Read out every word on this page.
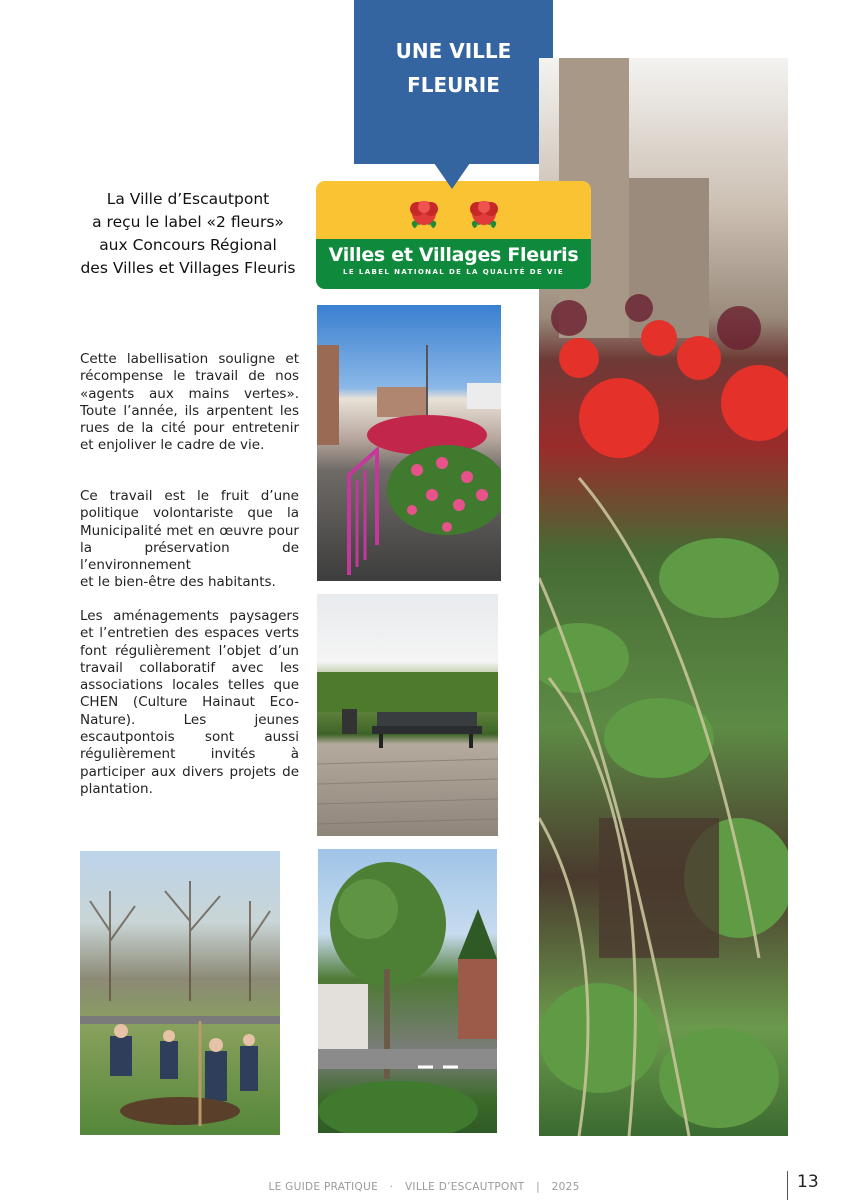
UNE VILLE
FLEURIE
La Ville d’Escautpont
a reçu le label «2 fleurs»
aux Concours Régional
des Villes et Villages Fleuris
Villes et Villages Fleuris
LE LABEL NATIONAL DE LA QUALITÉ DE VIE
Cette labellisation souligne et récompense le travail de nos «agents aux mains vertes». Toute l’année, ils arpentent les rues de la cité pour entretenir et enjoliver le cadre de vie.
Ce travail est le fruit d’une politique volontariste que la Municipalité met en œuvre pour la préservation de l’environnement
et le bien-être des habitants.
Les aménagements paysagers et l’entretien des espaces verts font régulièrement l’objet d’un travail collaboratif avec les associations locales telles que CHEN (Culture Hainaut Eco-Nature). Les jeunes escautpontois sont aussi régulièrement invités à participer aux divers projets de plantation.
LE GUIDE PRATIQUE · VILLE D’ESCAUTPONT | 2025	13
